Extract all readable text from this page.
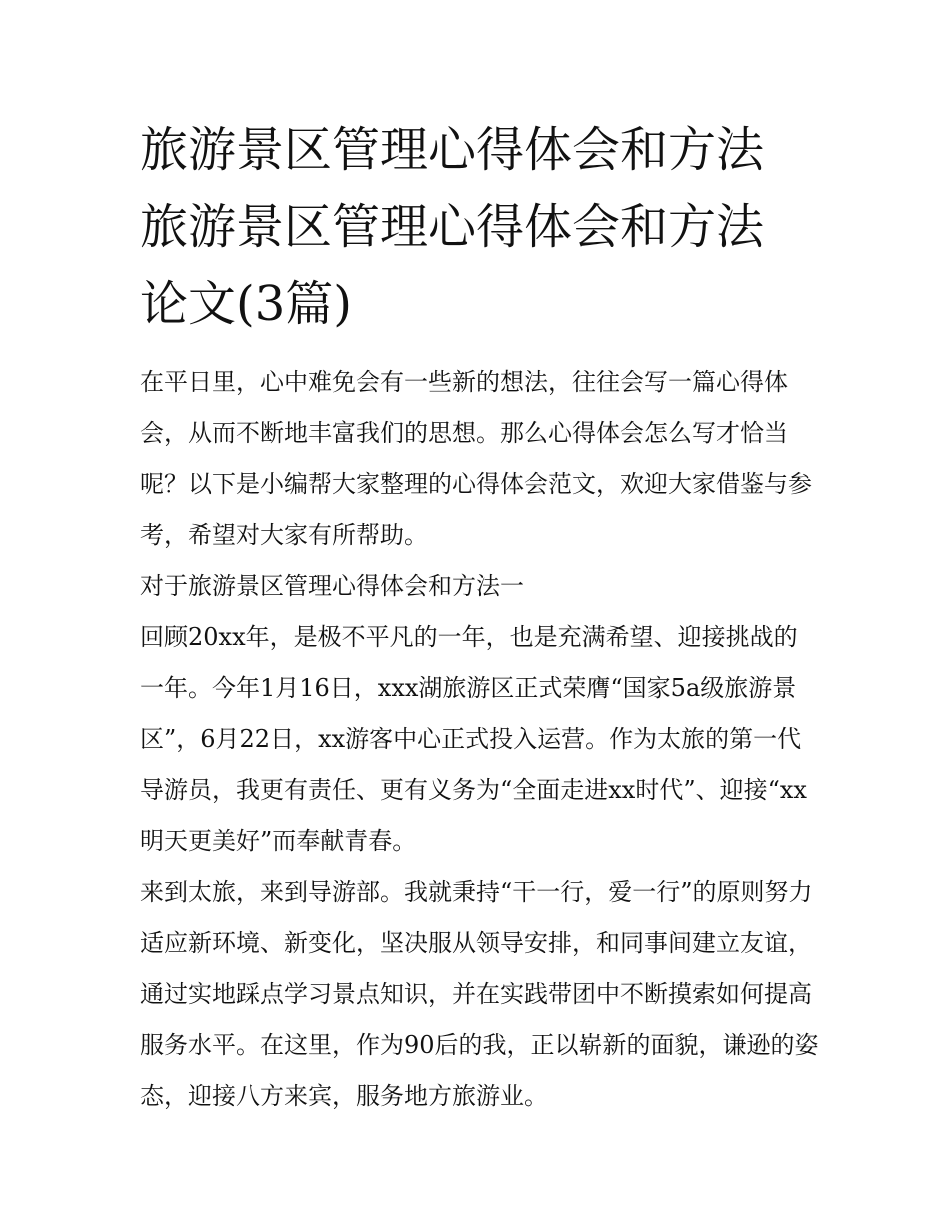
旅游景区管理心得体会和方法
旅游景区管理心得体会和方法
论文(3篇)

在平日里，心中难免会有一些新的想法，往往会写一篇心得体会，从而不断地丰富我们的思想。那么心得体会怎么写才恰当呢？以下是小编帮大家整理的心得体会范文，欢迎大家借鉴与参考，希望对大家有所帮助。

对于旅游景区管理心得体会和方法一

回顾20xx年，是极不平凡的一年，也是充满希望、迎接挑战的一年。今年1月16日，xxx湖旅游区正式荣膺“国家5a级旅游景区”，6月22日，xx游客中心正式投入运营。作为太旅的第一代导游员，我更有责任、更有义务为“全面走进xx时代”、迎接“xx明天更美好”而奉献青春。

来到太旅，来到导游部。我就秉持“干一行，爱一行”的原则努力适应新环境、新变化，坚决服从领导安排，和同事间建立友谊，通过实地踩点学习景点知识，并在实践带团中不断摸索如何提高服务水平。在这里，作为90后的我，正以崭新的面貌，谦逊的姿态，迎接八方来宾，服务地方旅游业。
